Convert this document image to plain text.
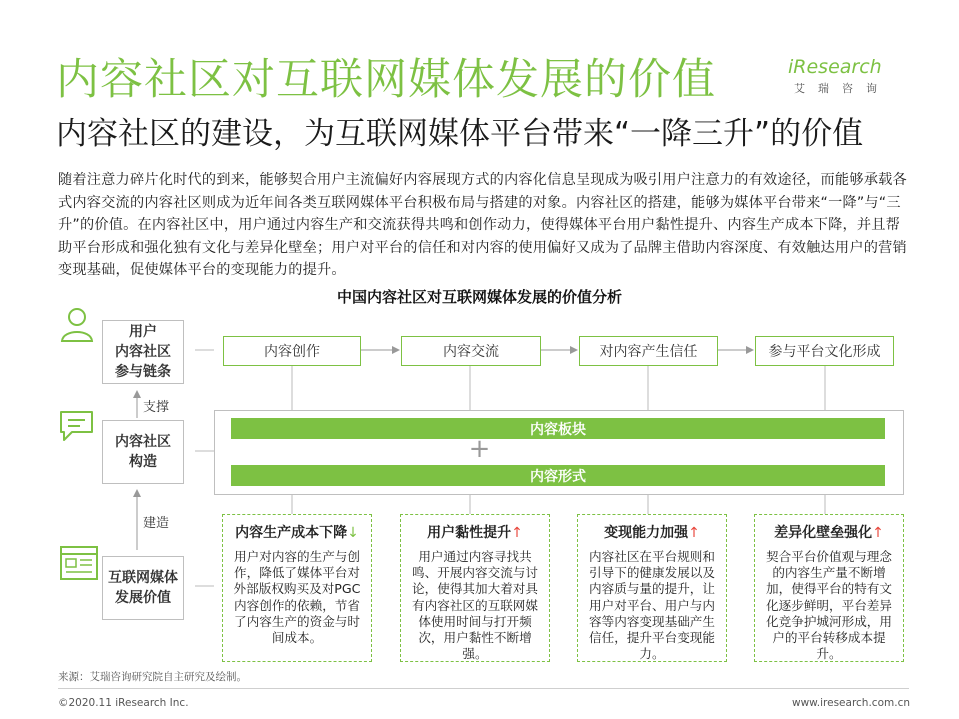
内容社区对互联网媒体发展的价值
内容社区的建设，为互联网媒体平台带来“一降三升”的价值
iResearch
艾瑞咨询
随着注意力碎片化时代的到来，能够契合用户主流偏好内容展现方式的内容化信息呈现成为吸引用户注意力的有效途径，而能够承载各式内容交流的内容社区则成为近年间各类互联网媒体平台积极布局与搭建的对象。内容社区的搭建，能够为媒体平台带来“一降”与“三升”的价值。在内容社区中，用户通过内容生产和交流获得共鸣和创作动力，使得媒体平台用户黏性提升、内容生产成本下降，并且帮助平台形成和强化独有文化与差异化壁垒；用户对平台的信任和对内容的使用偏好又成为了品牌主借助内容深度、有效触达用户的营销变现基础，促使媒体平台的变现能力的提升。
中国内容社区对互联网媒体发展的价值分析
用户
内容社区
参与链条
支撑
内容社区
构造
建造
互联网媒体
发展价值
内容创作	内容交流	对内容产生信任	参与平台文化形成
内容板块
+
内容形式
内容生产成本下降↓
用户对内容的生产与创作，降低了媒体平台对外部版权购买及对PGC内容创作的依赖，节省了内容生产的资金与时间成本。
用户黏性提升↑
用户通过内容寻找共鸣、开展内容交流与讨论，使得其加大着对具有内容社区的互联网媒体使用时间与打开频次，用户黏性不断增强。
变现能力加强↑
内容社区在平台规则和引导下的健康发展以及内容质与量的提升，让用户对平台、用户与内容等内容变现基础产生信任，提升平台变现能力。
差异化壁垒强化↑
契合平台价值观与理念的内容生产量不断增加，使得平台的特有文化逐步鲜明，平台差异化竞争护城河形成，用户的平台转移成本提升。
来源：艾瑞咨询研究院自主研究及绘制。
©2020.11 iResearch Inc.	www.iresearch.com.cn
